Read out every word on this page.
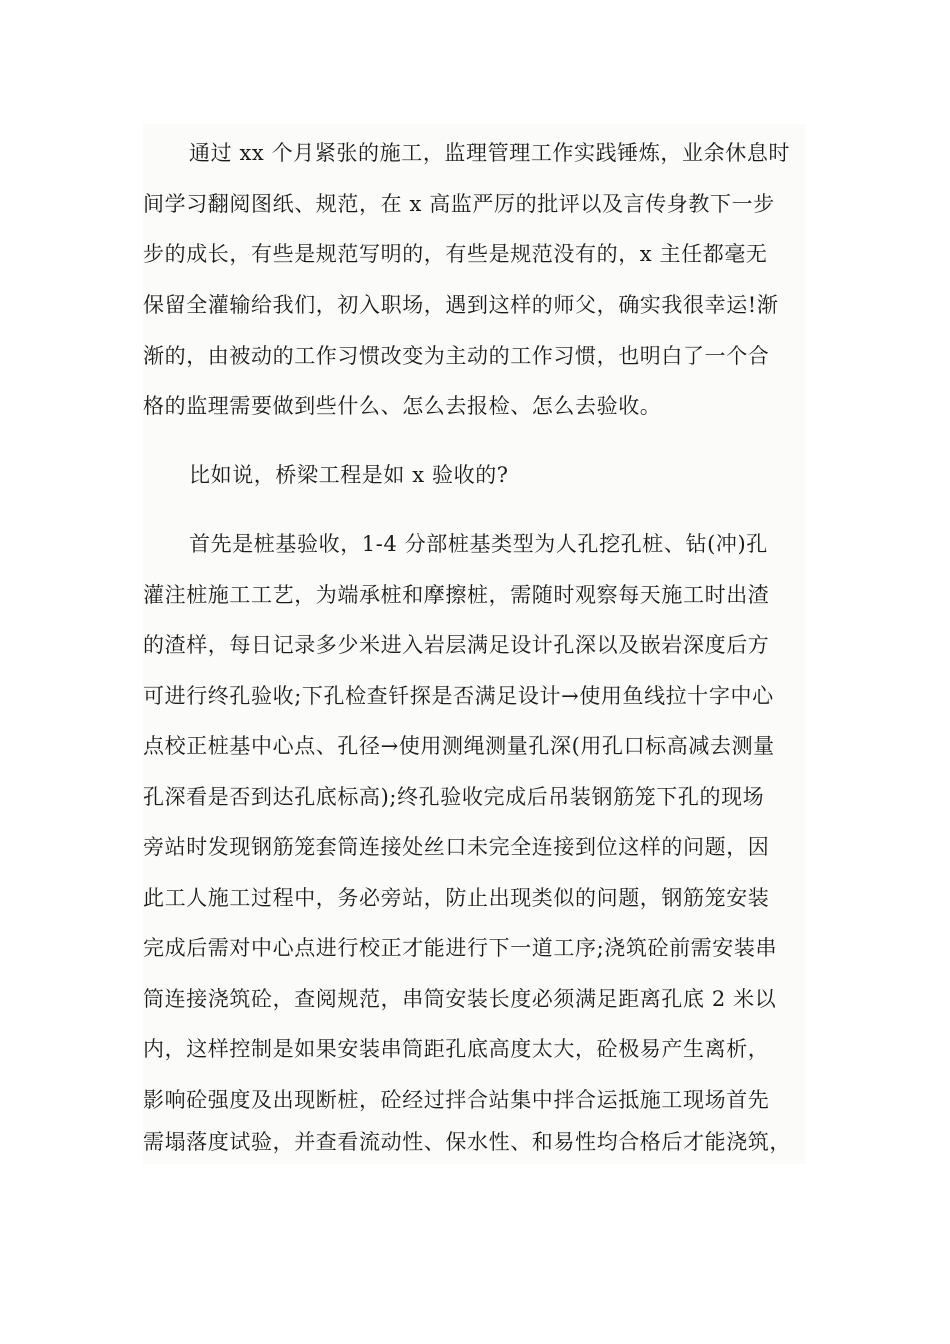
通过 xx 个月紧张的施工，监理管理工作实践锤炼，业余休息时
间学习翻阅图纸、规范，在 x 高监严厉的批评以及言传身教下一步
步的成长，有些是规范写明的，有些是规范没有的，x 主任都毫无
保留全灌输给我们，初入职场，遇到这样的师父，确实我很幸运!渐
渐的，由被动的工作习惯改变为主动的工作习惯，也明白了一个合
格的监理需要做到些什么、怎么去报检、怎么去验收。
比如说，桥梁工程是如 x 验收的?
首先是桩基验收，1-4 分部桩基类型为人孔挖孔桩、钻(冲)孔
灌注桩施工工艺，为端承桩和摩擦桩，需随时观察每天施工时出渣
的渣样，每日记录多少米进入岩层满足设计孔深以及嵌岩深度后方
可进行终孔验收;下孔检查钎探是否满足设计→使用鱼线拉十字中心
点校正桩基中心点、孔径→使用测绳测量孔深(用孔口标高减去测量
孔深看是否到达孔底标高);终孔验收完成后吊装钢筋笼下孔的现场
旁站时发现钢筋笼套筒连接处丝口未完全连接到位这样的问题，因
此工人施工过程中，务必旁站，防止出现类似的问题，钢筋笼安装
完成后需对中心点进行校正才能进行下一道工序;浇筑砼前需安装串
筒连接浇筑砼，查阅规范，串筒安装长度必须满足距离孔底 2 米以
内，这样控制是如果安装串筒距孔底高度太大，砼极易产生离析，
影响砼强度及出现断桩，砼经过拌合站集中拌合运抵施工现场首先
需塌落度试验，并查看流动性、保水性、和易性均合格后才能浇筑，
